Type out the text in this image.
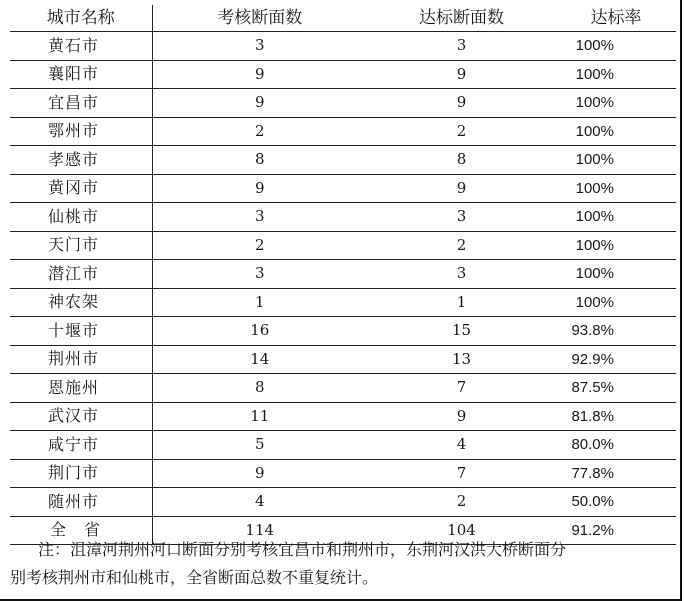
城市名称	考核断面数	达标断面数	达标率
黄石市	3	3	100%
襄阳市	9	9	100%
宜昌市	9	9	100%
鄂州市	2	2	100%
孝感市	8	8	100%
黄冈市	9	9	100%
仙桃市	3	3	100%
天门市	2	2	100%
潜江市	3	3	100%
神农架	1	1	100%
十堰市	16	15	93.8%
荆州市	14	13	92.9%
恩施州	8	7	87.5%
武汉市	11	9	81.8%
咸宁市	5	4	80.0%
荆门市	9	7	77.8%
随州市	4	2	50.0%
全省	114	104	91.2%
注：沮漳河荆州河口断面分别考核宜昌市和荆州市，东荆河汉洪大桥断面分
别考核荆州市和仙桃市，全省断面总数不重复统计。
